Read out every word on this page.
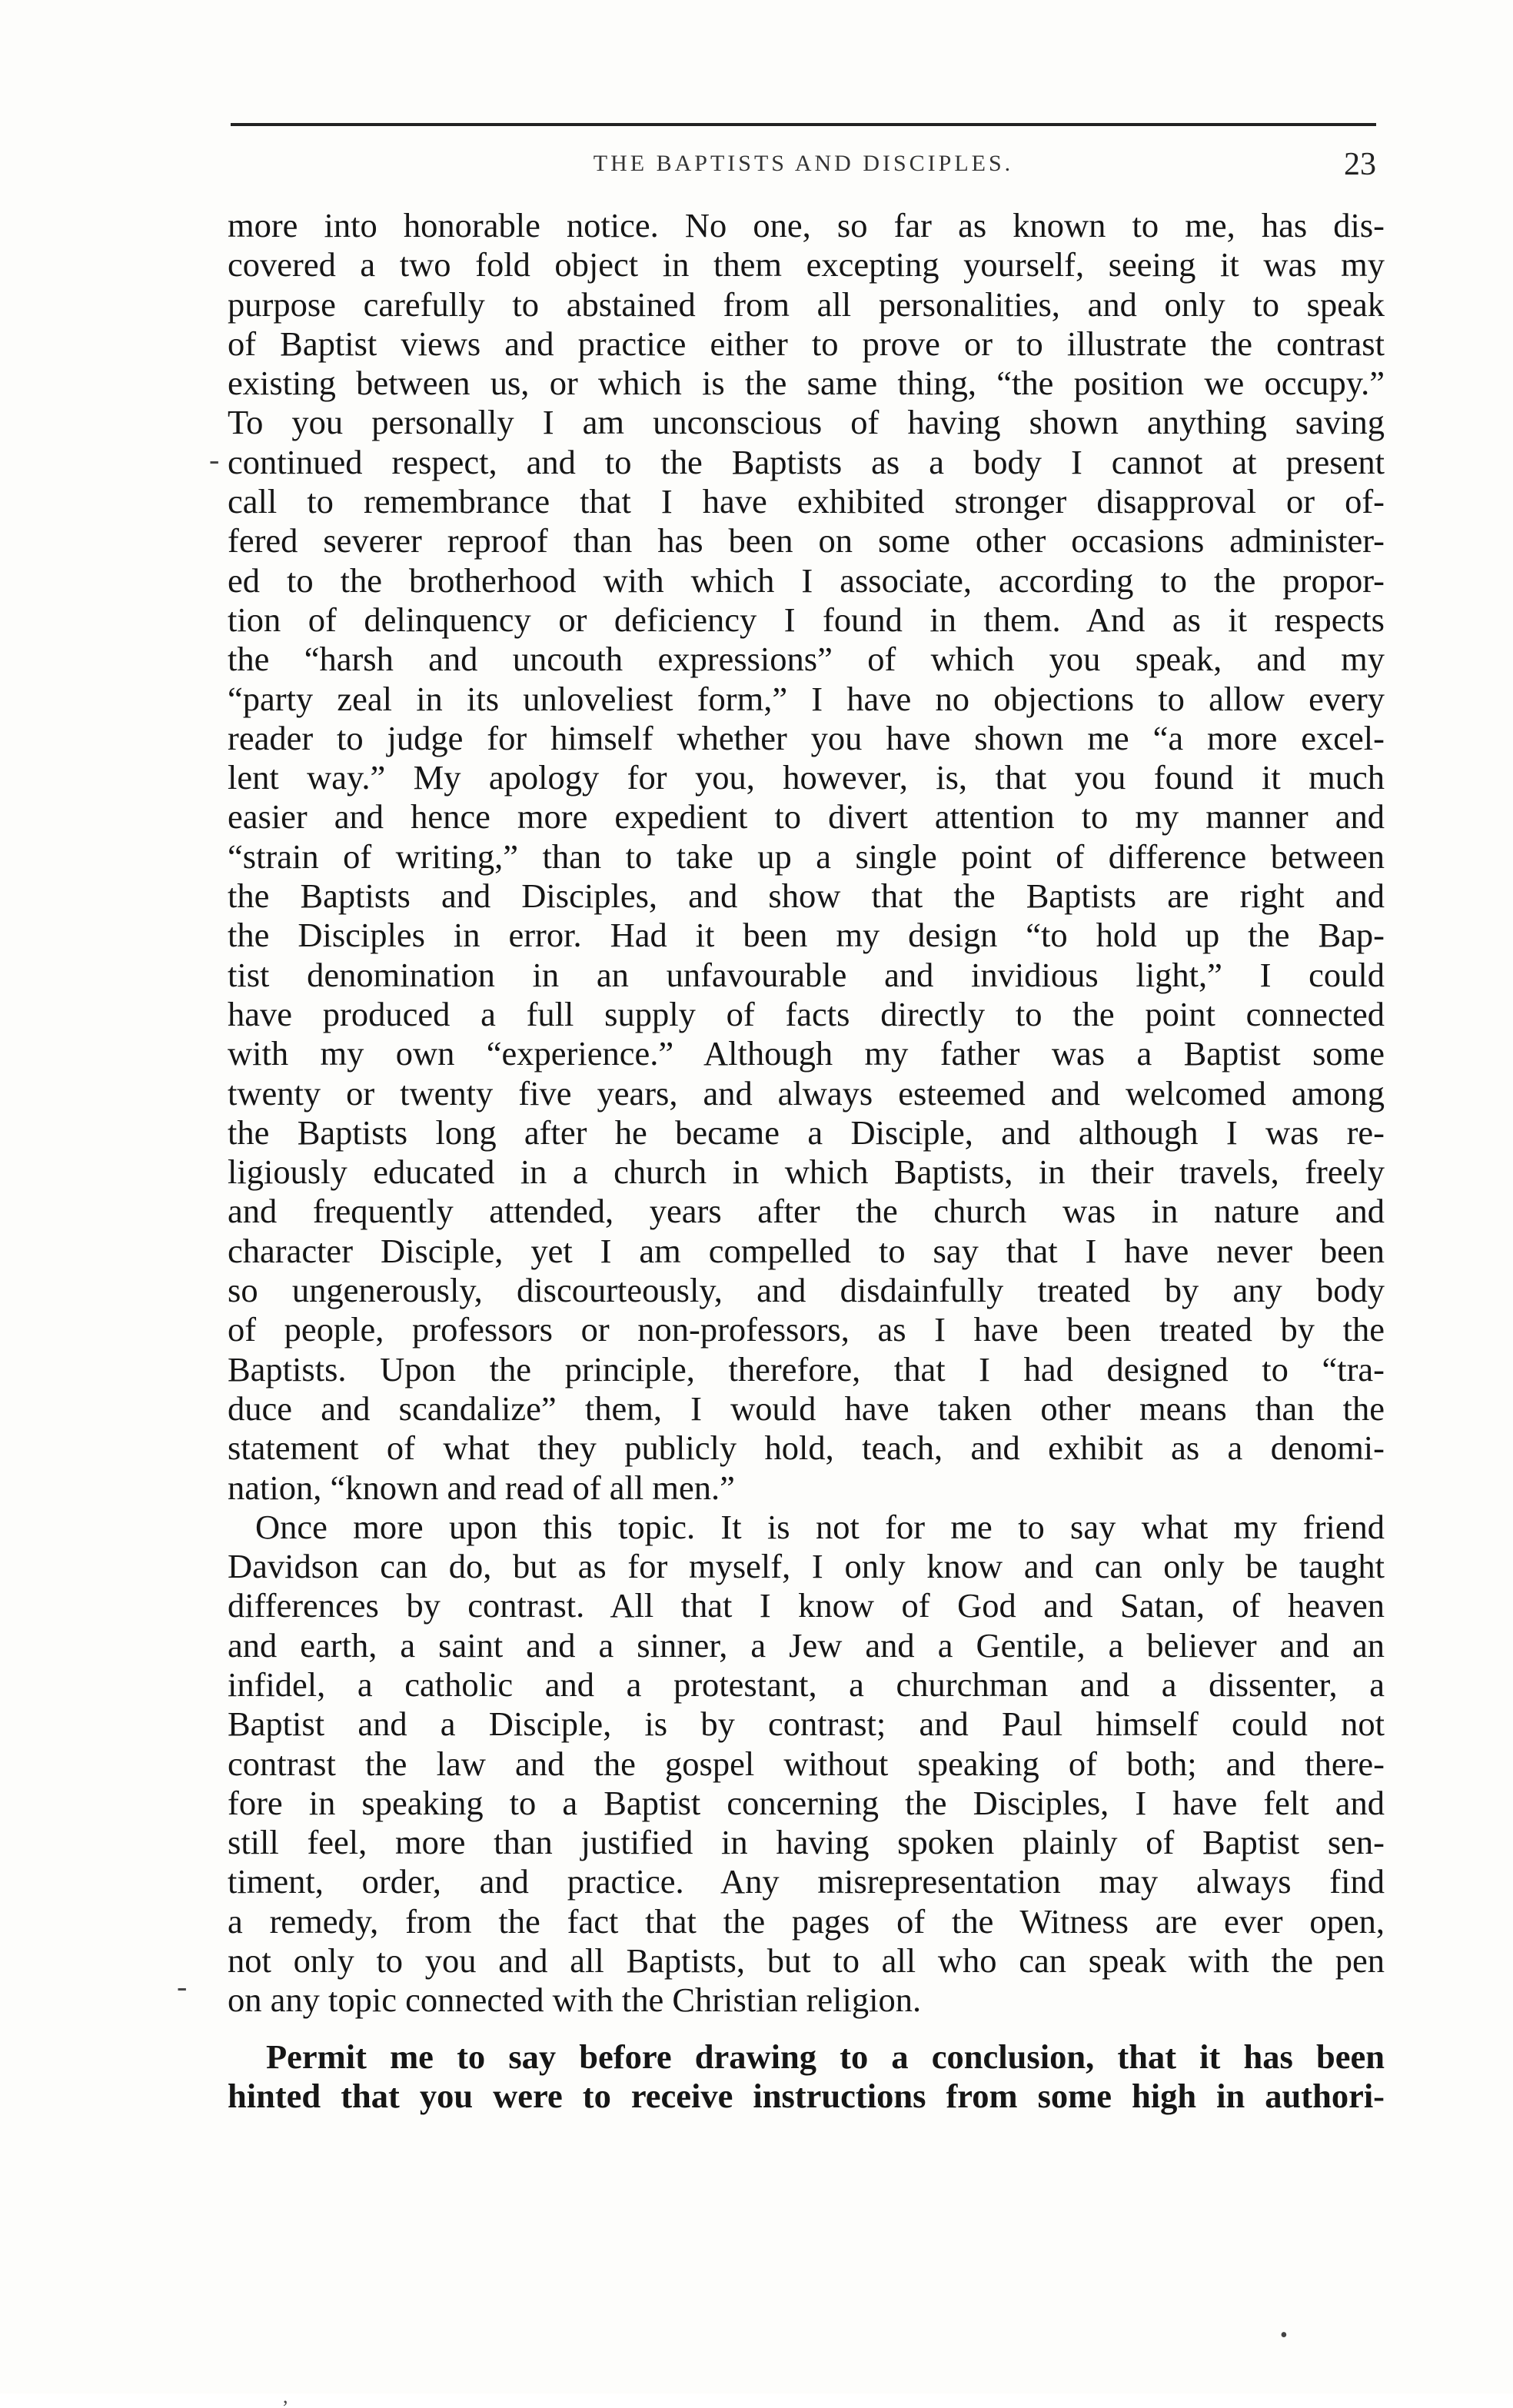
THE BAPTISTS AND DISCIPLES.	23
more into honorable notice. No one, so far as known to me, has dis-
covered a two fold object in them excepting yourself, seeing it was my
purpose carefully to abstained from all personalities, and only to speak
of Baptist views and practice either to prove or to illustrate the contrast
existing between us, or which is the same thing, “the position we occupy.”
To you personally I am unconscious of having shown anything saving
continued respect, and to the Baptists as a body I cannot at present
call to remembrance that I have exhibited stronger disapproval or of-
fered severer reproof than has been on some other occasions administer-
ed to the brotherhood with which I associate, according to the propor-
tion of delinquency or deficiency I found in them. And as it respects
the “harsh and uncouth expressions” of which you speak, and my
“party zeal in its unloveliest form,” I have no objections to allow every
reader to judge for himself whether you have shown me “a more excel-
lent way.” My apology for you, however, is, that you found it much
easier and hence more expedient to divert attention to my manner and
“strain of writing,” than to take up a single point of difference between
the Baptists and Disciples, and show that the Baptists are right and
the Disciples in error. Had it been my design “to hold up the Bap-
tist denomination in an unfavourable and invidious light,” I could
have produced a full supply of facts directly to the point connected
with my own “experience.” Although my father was a Baptist some
twenty or twenty five years, and always esteemed and welcomed among
the Baptists long after he became a Disciple, and although I was re-
ligiously educated in a church in which Baptists, in their travels, freely
and frequently attended, years after the church was in nature and
character Disciple, yet I am compelled to say that I have never been
so ungenerously, discourteously, and disdainfully treated by any body
of people, professors or non-professors, as I have been treated by the
Baptists. Upon the principle, therefore, that I had designed to “tra-
duce and scandalize” them, I would have taken other means than the
statement of what they publicly hold, teach, and exhibit as a denomi-
nation, “known and read of all men.”
Once more upon this topic. It is not for me to say what my friend
Davidson can do, but as for myself, I only know and can only be taught
differences by contrast. All that I know of God and Satan, of heaven
and earth, a saint and a sinner, a Jew and a Gentile, a believer and an
infidel, a catholic and a protestant, a churchman and a dissenter, a
Baptist and a Disciple, is by contrast; and Paul himself could not
contrast the law and the gospel without speaking of both; and there-
fore in speaking to a Baptist concerning the Disciples, I have felt and
still feel, more than justified in having spoken plainly of Baptist sen-
timent, order, and practice. Any misrepresentation may always find
a remedy, from the fact that the pages of the Witness are ever open,
not only to you and all Baptists, but to all who can speak with the pen
on any topic connected with the Christian religion.
Permit me to say before drawing to a conclusion, that it has been
hinted that you were to receive instructions from some high in authori-
-
-
•
,
